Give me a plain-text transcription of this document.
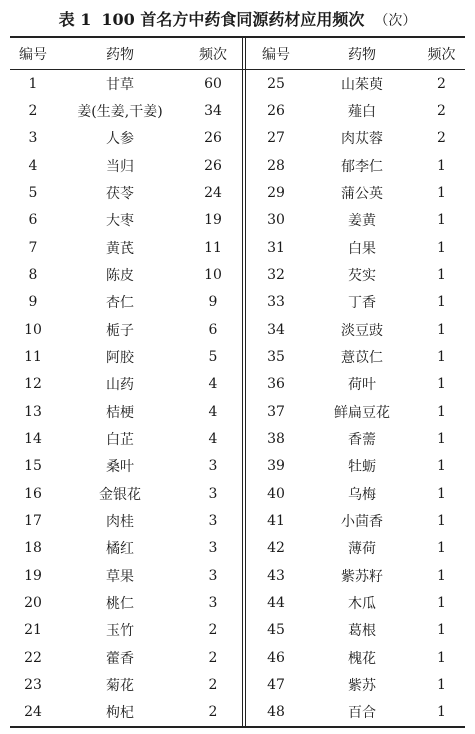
表 1 100 首名方中药食同源药材应用频次 （次）
编号	药物	频次	编号	药物	频次
1	甘草	60	25	山茱萸	2
2	姜(生姜,干姜)	34	26	薤白	2
3	人参	26	27	肉苁蓉	2
4	当归	26	28	郁李仁	1
5	茯苓	24	29	蒲公英	1
6	大枣	19	30	姜黄	1
7	黄芪	11	31	白果	1
8	陈皮	10	32	芡实	1
9	杏仁	9	33	丁香	1
10	栀子	6	34	淡豆豉	1
11	阿胶	5	35	薏苡仁	1
12	山药	4	36	荷叶	1
13	桔梗	4	37	鲜扁豆花	1
14	白芷	4	38	香薷	1
15	桑叶	3	39	牡蛎	1
16	金银花	3	40	乌梅	1
17	肉桂	3	41	小茴香	1
18	橘红	3	42	薄荷	1
19	草果	3	43	紫苏籽	1
20	桃仁	3	44	木瓜	1
21	玉竹	2	45	葛根	1
22	藿香	2	46	槐花	1
23	菊花	2	47	紫苏	1
24	枸杞	2	48	百合	1
